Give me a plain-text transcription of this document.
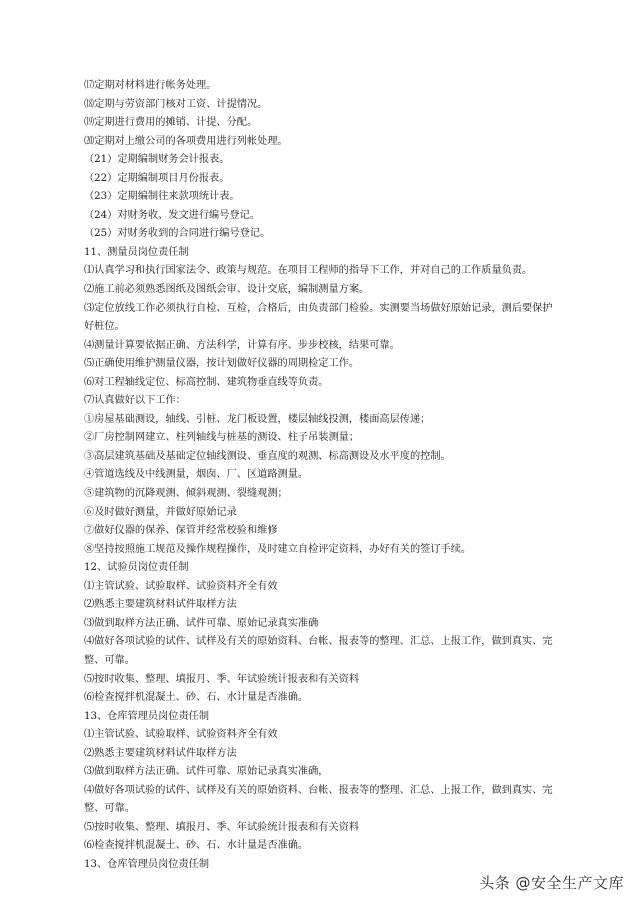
⒄定期对材料进行帐务处理。

⒅定期与劳资部门核对工资、计提情况。

⒆定期进行费用的摊销、计提、分配。

⒇定期对上缴公司的各项费用进行列帐处理。

（21）定期编制财务会计报表。

（22）定期编制项目月份报表。

（23）定期编制往来款项统计表。

（24）对财务收、发文进行编号登记。

（25）对财务收到的合同进行编号登记。

11、测量员岗位责任制

⑴认真学习和执行国家法令、政策与规范。在项目工程师的指导下工作，并对自己的工作质量负责。

⑵施工前必须熟悉图纸及图纸会审、设计交底，编制测量方案。

⑶定位放线工作必须执行自检、互检，合格后，由负责部门检验。实测要当场做好原始记录，测后要保护好桩位。

⑷测量计算要依据正确、方法科学，计算有序、步步校核，结果可靠。

⑸正确使用维护测量仪器，按计划做好仪器的周期检定工作。

⑹对工程轴线定位、标高控制、建筑物垂直线等负责。

⑺认真做好以下工作：

①房屋基础测设，轴线、引桩、龙门板设置，楼层轴线投测，楼面高层传递；

②厂房控制网建立、柱列轴线与桩基的测设、柱子吊装测量；

③高层建筑基础及基础定位轴线测设、垂直度的观测、标高测设及水平度的控制。

④管道选线及中线测量，烟囱、厂、区道路测量。

⑤建筑物的沉降观测、倾斜观测、裂缝观测；

⑥及时做好测量，并做好原始记录

⑦做好仪器的保养、保管并经常校验和维修

⑧坚持按照施工规范及操作规程操作，及时建立自检评定资料，办好有关的签订手续。

12、试验员岗位责任制

⑴主管试验、试验取样、试验资料齐全有效

⑵熟悉主要建筑材料试件取样方法

⑶做到取样方法正确、试件可靠、原始记录真实准确

⑷做好各项试验的试件、试样及有关的原始资料、台帐、报表等的整理、汇总、上报工作，做到真实、完整、可靠。

⑸按时收集、整理、填报月、季、年试验统计报表和有关资料

⑹检查搅拌机混凝土、砂、石、水计量是否准确。

13、仓库管理员岗位责任制

⑴主管试验、试验取样、试验资料齐全有效

⑵熟悉主要建筑材料试件取样方法

⑶做到取样方法正确、试件可靠、原始记录真实准确，

⑷做好各项试验的试件、试样及有关的原始资料、台帐、报表等的整理、汇总、上报工作，做到真实、完整、可靠。

⑸按时收集、整理、填报月、季、年试验统计报表和有关资料

⑹检查搅拌机混凝土、砂、石、水计量是否准确。

13、仓库管理员岗位责任制

头条 @安全生产文库
